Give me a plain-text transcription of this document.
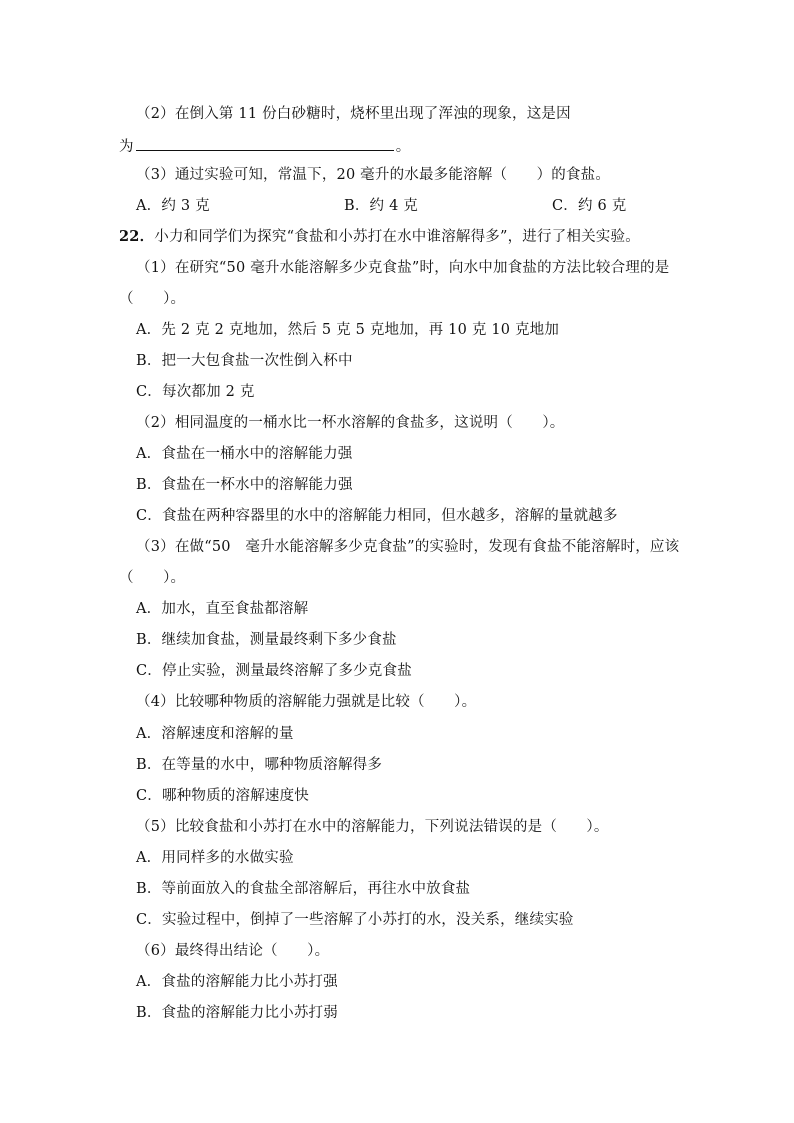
（2）在倒入第 11 份白砂糖时，烧杯里出现了浑浊的现象，这是因
为	。
（3）通过实验可知，常温下，20 毫升的水最多能溶解（　　）的食盐。
A．约 3 克	B．约 4 克	C．约 6 克
22．小力和同学们为探究“食盐和小苏打在水中谁溶解得多”，进行了相关实验。
（1）在研究“50 毫升水能溶解多少克食盐”时，向水中加食盐的方法比较合理的是
（　　）。
A．先 2 克 2 克地加，然后 5 克 5 克地加，再 10 克 10 克地加
B．把一大包食盐一次性倒入杯中
C．每次都加 2 克
（2）相同温度的一桶水比一杯水溶解的食盐多，这说明（　　）。
A．食盐在一桶水中的溶解能力强
B．食盐在一杯水中的溶解能力强
C．食盐在两种容器里的水中的溶解能力相同，但水越多，溶解的量就越多
（3）在做“50　毫升水能溶解多少克食盐”的实验时，发现有食盐不能溶解时，应该
（　　）。
A．加水，直至食盐都溶解
B．继续加食盐，测量最终剩下多少食盐
C．停止实验，测量最终溶解了多少克食盐
（4）比较哪种物质的溶解能力强就是比较（　　）。
A．溶解速度和溶解的量
B．在等量的水中，哪种物质溶解得多
C．哪种物质的溶解速度快
（5）比较食盐和小苏打在水中的溶解能力，下列说法错误的是（　　）。
A．用同样多的水做实验
B．等前面放入的食盐全部溶解后，再往水中放食盐
C．实验过程中，倒掉了一些溶解了小苏打的水，没关系，继续实验
（6）最终得出结论（　　）。
A．食盐的溶解能力比小苏打强
B．食盐的溶解能力比小苏打弱
